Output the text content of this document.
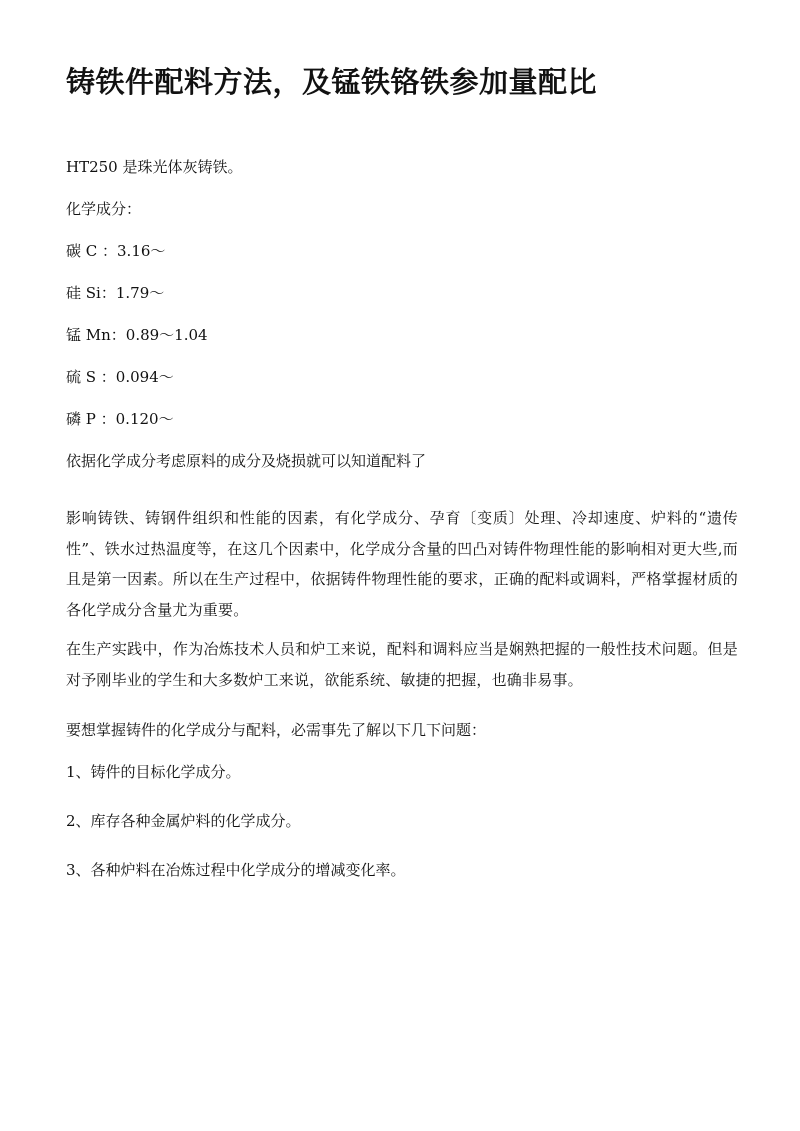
铸铁件配料方法，及锰铁铬铁参加量配比

HT250 是珠光体灰铸铁。

化学成分：

碳 C ：3.16～

硅 Si：1.79～

锰 Mn：0.89～1.04

硫 S ：0.094～

磷 P ：0.120～

依据化学成分考虑原料的成分及烧损就可以知道配料了

影响铸铁、铸钢件组织和性能的因素，有化学成分、孕育〔变质〕处理、冷却速度、炉料的“遗传性”、铁水过热温度等，在这几个因素中，化学成分含量的凹凸对铸件物理性能的影响相对更大些,而且是第一因素。所以在生产过程中，依据铸件物理性能的要求，正确的配料或调料，严格掌握材质的各化学成分含量尤为重要。

在生产实践中，作为冶炼技术人员和炉工来说，配料和调料应当是娴熟把握的一般性技术问题。但是对予刚毕业的学生和大多数炉工来说，欲能系统、敏捷的把握，也确非易事。

要想掌握铸件的化学成分与配料，必需事先了解以下几下问题：

1、铸件的目标化学成分。

2、库存各种金属炉料的化学成分。

3、各种炉料在冶炼过程中化学成分的增减变化率。
